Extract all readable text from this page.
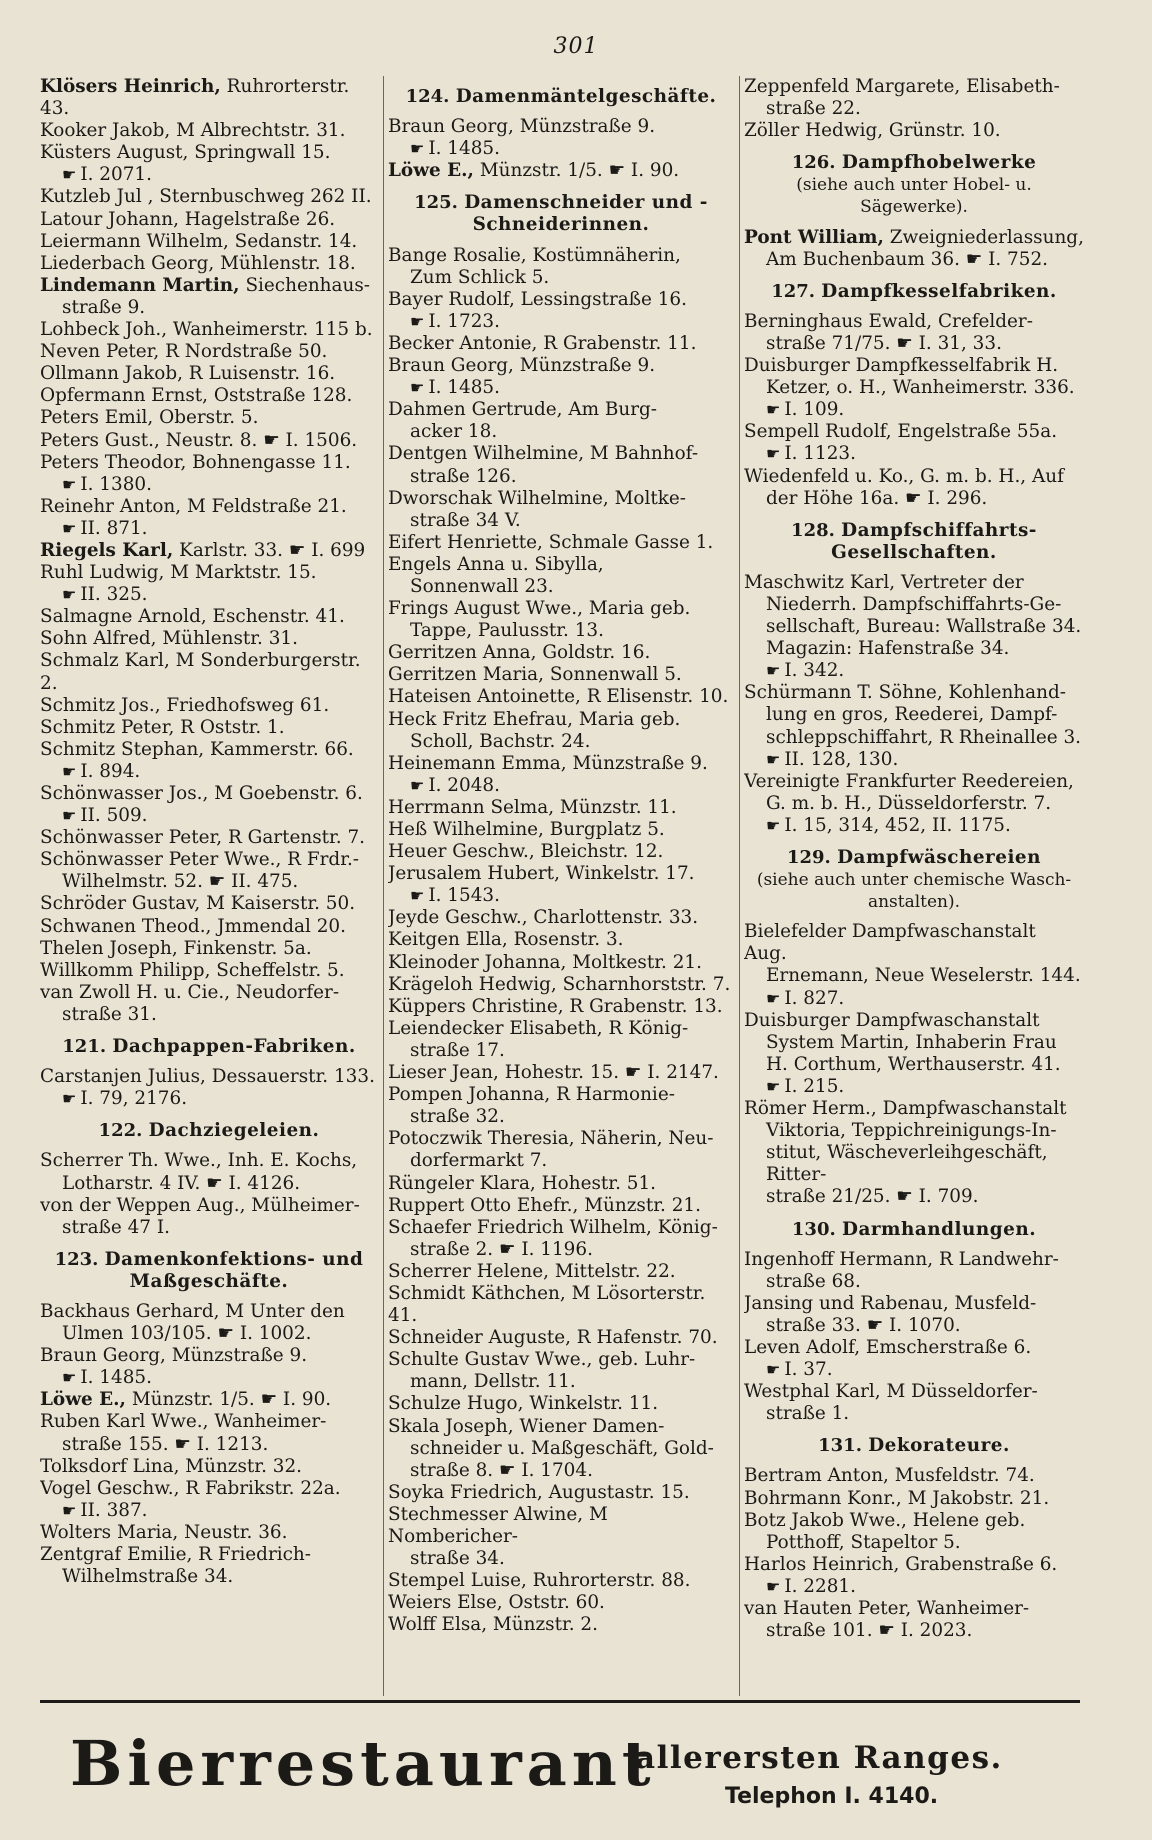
301
Klösers Heinrich, Ruhrorterstr. 43.
Kooker Jakob, M Albrechtstr. 31.
Küsters August, Springwall 15.
☛ I. 2071.
Kutzleb Jul , Sternbuschweg 262 II.
Latour Johann, Hagelstraße 26.
Leiermann Wilhelm, Sedanstr. 14.
Liederbach Georg, Mühlenstr. 18.
Lindemann Martin, Siechenhaus-
straße 9.
Lohbeck Joh., Wanheimerstr. 115 b.
Neven Peter, R Nordstraße 50.
Ollmann Jakob, R Luisenstr. 16.
Opfermann Ernst, Oststraße 128.
Peters Emil, Oberstr. 5.
Peters Gust., Neustr. 8. ☛ I. 1506.
Peters Theodor, Bohnengasse 11.
☛ I. 1380.
Reinehr Anton, M Feldstraße 21.
☛ II. 871.
Riegels Karl, Karlstr. 33. ☛ I. 699
Ruhl Ludwig, M Marktstr. 15.
☛ II. 325.
Salmagne Arnold, Eschenstr. 41.
Sohn Alfred, Mühlenstr. 31.
Schmalz Karl, M Sonderburgerstr. 2.
Schmitz Jos., Friedhofsweg 61.
Schmitz Peter, R Oststr. 1.
Schmitz Stephan, Kammerstr. 66.
☛ I. 894.
Schönwasser Jos., M Goebenstr. 6.
☛ II. 509.
Schönwasser Peter, R Gartenstr. 7.
Schönwasser Peter Wwe., R Frdr.-
Wilhelmstr. 52. ☛ II. 475.
Schröder Gustav, M Kaiserstr. 50.
Schwanen Theod., Jmmendal 20.
Thelen Joseph, Finkenstr. 5a.
Willkomm Philipp, Scheffelstr. 5.
van Zwoll H. u. Cie., Neudorfer-
straße 31.
121. Dachpappen-Fabriken.
Carstanjen Julius, Dessauerstr. 133.
☛ I. 79, 2176.
122. Dachziegeleien.
Scherrer Th. Wwe., Inh. E. Kochs,
Lotharstr. 4 IV. ☛ I. 4126.
von der Weppen Aug., Mülheimer-
straße 47 I.
123. Damenkonfektions- und Maßgeschäfte.
Backhaus Gerhard, M Unter den
Ulmen 103/105. ☛ I. 1002.
Braun Georg, Münzstraße 9.
☛ I. 1485.
Löwe E., Münzstr. 1/5. ☛ I. 90.
Ruben Karl Wwe., Wanheimer-
straße 155. ☛ I. 1213.
Tolksdorf Lina, Münzstr. 32.
Vogel Geschw., R Fabrikstr. 22a.
☛ II. 387.
Wolters Maria, Neustr. 36.
Zentgraf Emilie, R Friedrich-
Wilhelmstraße 34.
124. Damenmäntelgeschäfte.
Braun Georg, Münzstraße 9.
☛ I. 1485.
Löwe E., Münzstr. 1/5. ☛ I. 90.
125. Damenschneider und -Schneiderinnen.
Bange Rosalie, Kostümnäherin,
Zum Schlick 5.
Bayer Rudolf, Lessingstraße 16.
☛ I. 1723.
Becker Antonie, R Grabenstr. 11.
Braun Georg, Münzstraße 9.
☛ I. 1485.
Dahmen Gertrude, Am Burg-
acker 18.
Dentgen Wilhelmine, M Bahnhof-
straße 126.
Dworschak Wilhelmine, Moltke-
straße 34 V.
Eifert Henriette, Schmale Gasse 1.
Engels Anna u. Sibylla,
Sonnenwall 23.
Frings August Wwe., Maria geb.
Tappe, Paulusstr. 13.
Gerritzen Anna, Goldstr. 16.
Gerritzen Maria, Sonnenwall 5.
Hateisen Antoinette, R Elisenstr. 10.
Heck Fritz Ehefrau, Maria geb.
Scholl, Bachstr. 24.
Heinemann Emma, Münzstraße 9.
☛ I. 2048.
Herrmann Selma, Münzstr. 11.
Heß Wilhelmine, Burgplatz 5.
Heuer Geschw., Bleichstr. 12.
Jerusalem Hubert, Winkelstr. 17.
☛ I. 1543.
Jeyde Geschw., Charlottenstr. 33.
Keitgen Ella, Rosenstr. 3.
Kleinoder Johanna, Moltkestr. 21.
Krägeloh Hedwig, Scharnhorststr. 7.
Küppers Christine, R Grabenstr. 13.
Leiendecker Elisabeth, R König-
straße 17.
Lieser Jean, Hohestr. 15. ☛ I. 2147.
Pompen Johanna, R Harmonie-
straße 32.
Potoczwik Theresia, Näherin, Neu-
dorfermarkt 7.
Rüngeler Klara, Hohestr. 51.
Ruppert Otto Ehefr., Münzstr. 21.
Schaefer Friedrich Wilhelm, König-
straße 2. ☛ I. 1196.
Scherrer Helene, Mittelstr. 22.
Schmidt Käthchen, M Lösorterstr. 41.
Schneider Auguste, R Hafenstr. 70.
Schulte Gustav Wwe., geb. Luhr-
mann, Dellstr. 11.
Schulze Hugo, Winkelstr. 11.
Skala Joseph, Wiener Damen-
schneider u. Maßgeschäft, Gold-
straße 8. ☛ I. 1704.
Soyka Friedrich, Augustastr. 15.
Stechmesser Alwine, M Nombericher-
straße 34.
Stempel Luise, Ruhrorterstr. 88.
Weiers Else, Oststr. 60.
Wolff Elsa, Münzstr. 2.
Zeppenfeld Margarete, Elisabeth-
straße 22.
Zöller Hedwig, Grünstr. 10.
126. Dampfhobelwerke
(siehe auch unter Hobel- u. Sägewerke).
Pont William, Zweigniederlassung,
Am Buchenbaum 36. ☛ I. 752.
127. Dampfkesselfabriken.
Berninghaus Ewald, Crefelder-
straße 71/75. ☛ I. 31, 33.
Duisburger Dampfkesselfabrik H.
Ketzer, o. H., Wanheimerstr. 336.
☛ I. 109.
Sempell Rudolf, Engelstraße 55a.
☛ I. 1123.
Wiedenfeld u. Ko., G. m. b. H., Auf
der Höhe 16a. ☛ I. 296.
128. Dampfschiffahrts-Gesellschaften.
Maschwitz Karl, Vertreter der
Niederrh. Dampfschiffahrts-Ge-
sellschaft, Bureau: Wallstraße 34.
Magazin: Hafenstraße 34.
☛ I. 342.
Schürmann T. Söhne, Kohlenhand-
lung en gros, Reederei, Dampf-
schleppschiffahrt, R Rheinallee 3.
☛ II. 128, 130.
Vereinigte Frankfurter Reedereien,
G. m. b. H., Düsseldorferstr. 7.
☛ I. 15, 314, 452, II. 1175.
129. Dampfwäschereien
(siehe auch unter chemische Wasch-anstalten).
Bielefelder Dampfwaschanstalt Aug.
Ernemann, Neue Weselerstr. 144.
☛ I. 827.
Duisburger Dampfwaschanstalt
System Martin, Inhaberin Frau
H. Corthum, Werthauserstr. 41.
☛ I. 215.
Römer Herm., Dampfwaschanstalt
Viktoria, Teppichreinigungs-In-
stitut, Wäscheverleihgeschäft, Ritter-
straße 21/25. ☛ I. 709.
130. Darmhandlungen.
Ingenhoff Hermann, R Landwehr-
straße 68.
Jansing und Rabenau, Musfeld-
straße 33. ☛ I. 1070.
Leven Adolf, Emscherstraße 6.
☛ I. 37.
Westphal Karl, M Düsseldorfer-
straße 1.
131. Dekorateure.
Bertram Anton, Musfeldstr. 74.
Bohrmann Konr., M Jakobstr. 21.
Botz Jakob Wwe., Helene geb.
Potthoff, Stapeltor 5.
Harlos Heinrich, Grabenstraße 6.
☛ I. 2281.
van Hauten Peter, Wanheimer-
straße 101. ☛ I. 2023.
Bierrestaurant
allerersten Ranges.
Telephon I. 4140.
